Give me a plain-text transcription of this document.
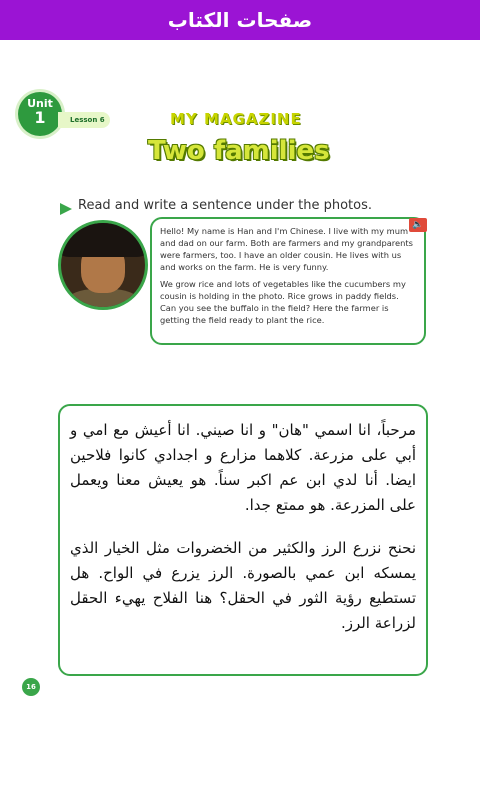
صفحات الكتاب
Unit
1	Lesson 6	MY MAGAZINE
Two families
Read and write a sentence under the photos.

Hello! My name is Han and I'm Chinese. I live with my mum and dad on our farm. Both are farmers and my grandparents were farmers, too. I have an older cousin. He lives with us and works on the farm. He is very funny.

We grow rice and lots of vegetables like the cucumbers my cousin is holding in the photo. Rice grows in paddy fields. Can you see the buffalo in the field? Here the farmer is getting the field ready to plant the rice.

🔈

مرحباً، انا اسمي "هان" و انا صيني. انا أعيش مع امي و أبي على مزرعة. كلاهما مزارع و اجدادي كانوا فلاحين ايضا. أنا لدي ابن عم اكبر سناً. هو يعيش معنا ويعمل على المزرعة. هو ممتع جدا.

نحنح نزرع الرز والكثير من الخضروات مثل الخيار الذي يمسكه ابن عمي بالصورة. الرز يزرع في الواح. هل تستطيع رؤية الثور في الحقل؟ هنا الفلاح يهيء الحقل لزراعة الرز.

16
